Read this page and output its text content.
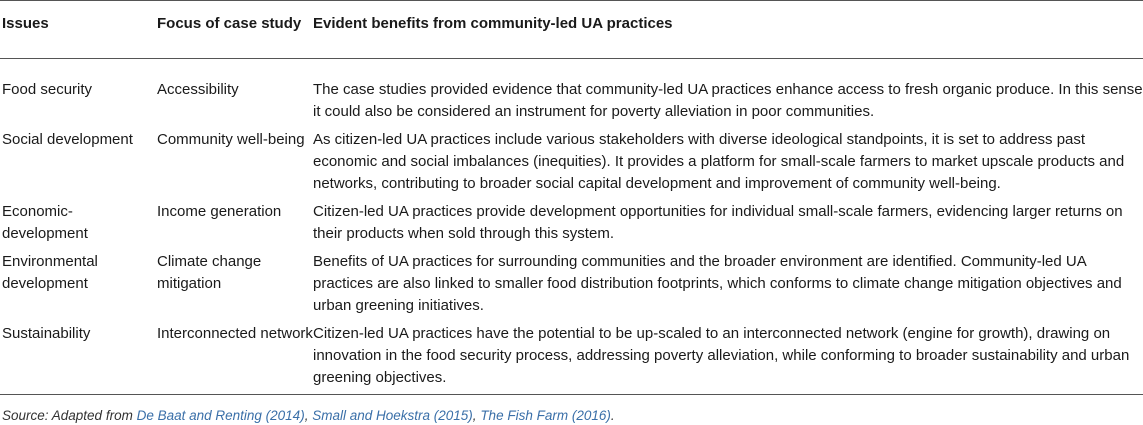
Issues	Focus of case study	Evident benefits from community-led UA practices
Food security	Accessibility	The case studies provided evidence that community-led UA practices enhance access to fresh organic produce. In this sense it could also be considered an instrument for poverty alleviation in poor communities.
Social development	Community well-being	As citizen-led UA practices include various stakeholders with diverse ideological standpoints, it is set to address past economic and social imbalances (inequities). It provides a platform for small-scale farmers to market upscale products and networks, contributing to broader social capital development and improvement of community well-being.
Economic-development	Income generation	Citizen-led UA practices provide development opportunities for individual small-scale farmers, evidencing larger returns on their products when sold through this system.
Environmental development	Climate change mitigation	Benefits of UA practices for surrounding communities and the broader environment are identified. Community-led UA practices are also linked to smaller food distribution footprints, which conforms to climate change mitigation objectives and urban greening initiatives.
Sustainability	Interconnected network	Citizen-led UA practices have the potential to be up-scaled to an interconnected network (engine for growth), drawing on innovation in the food security process, addressing poverty alleviation, while conforming to broader sustainability and urban greening objectives.
Source: Adapted from De Baat and Renting (2014), Small and Hoekstra (2015), The Fish Farm (2016).
